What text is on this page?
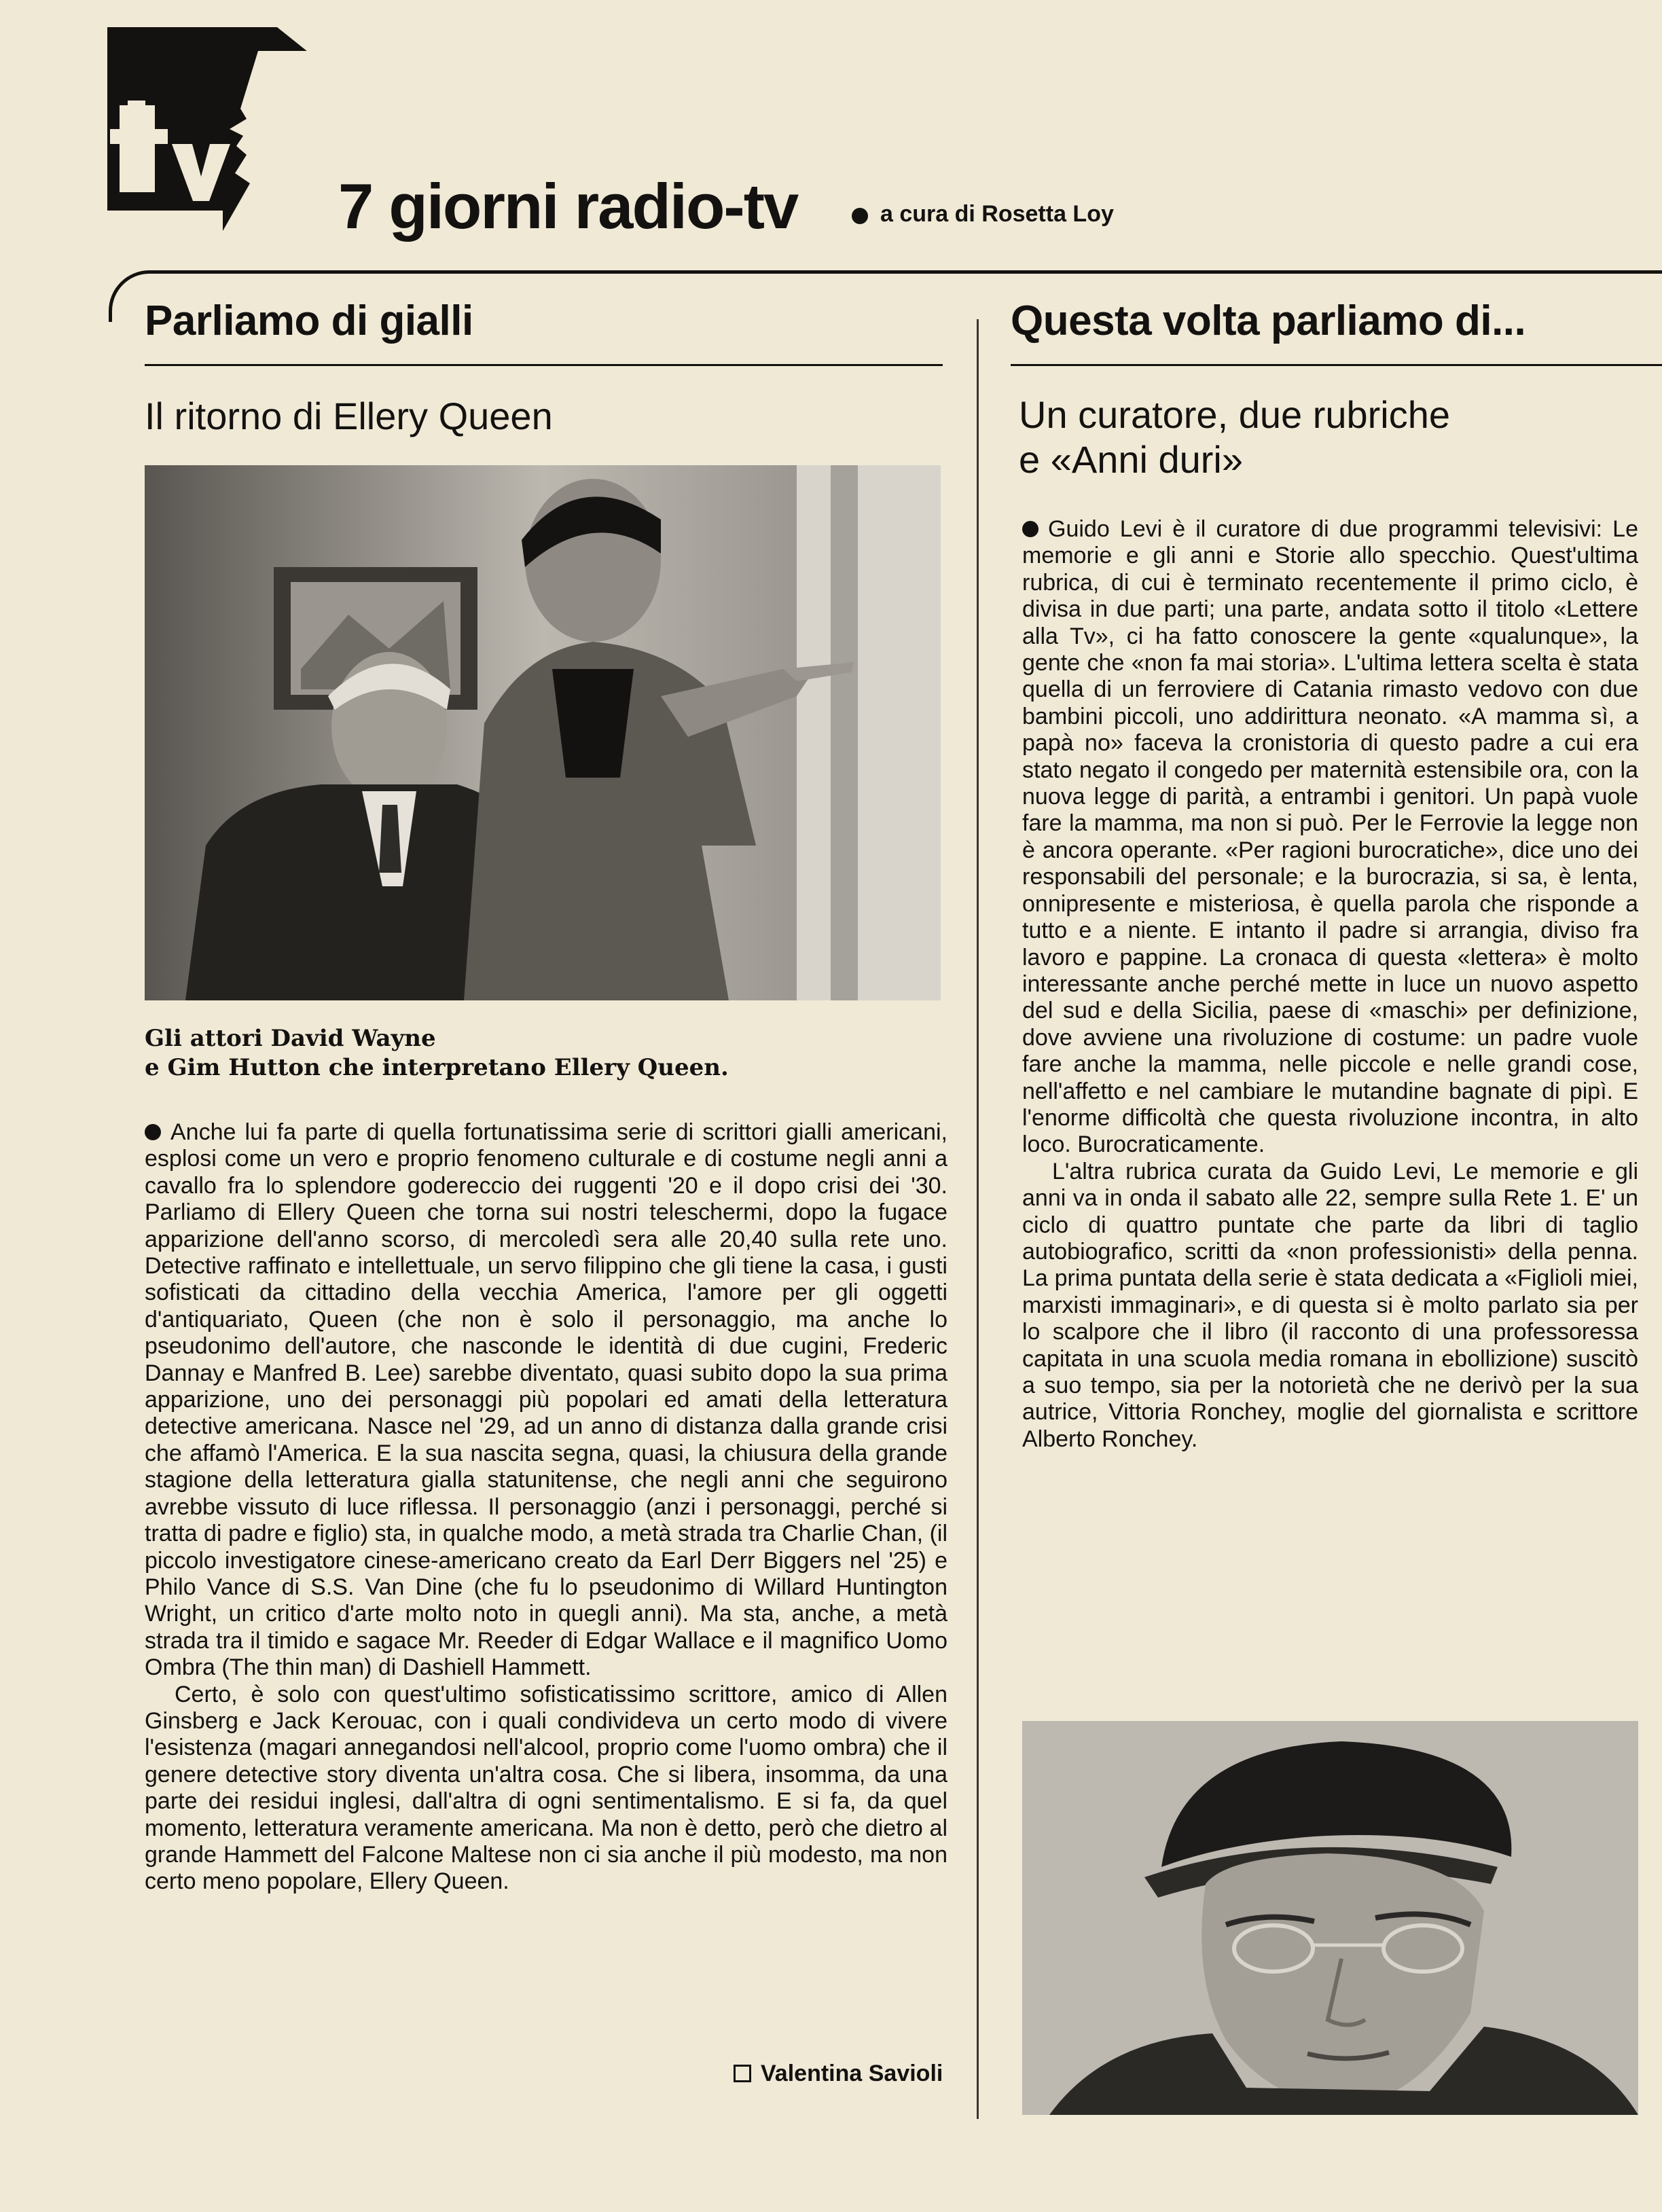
7 giorni radio-tv	a cura di Rosetta Loy
Parliamo di gialli
Il ritorno di Ellery Queen
Gli attori David Wayne
e Gim Hutton che interpretano Ellery Queen.

Anche lui fa parte di quella fortunatissima serie di scrittori gialli americani, esplosi come un vero e proprio fenomeno culturale e di costume negli anni a cavallo fra lo splendore godereccio dei ruggenti '20 e il dopo crisi dei '30. Parliamo di Ellery Queen che torna sui nostri teleschermi, dopo la fugace apparizione dell'anno scorso, di mercoledì sera alle 20,40 sulla rete uno. Detective raffinato e intellettuale, un servo filippino che gli tiene la casa, i gusti sofisticati da cittadino della vecchia America, l'amore per gli oggetti d'antiquariato, Queen (che non è solo il personaggio, ma anche lo pseudonimo dell'autore, che nasconde le identità di due cugini, Frederic Dannay e Manfred B. Lee) sarebbe diventato, quasi subito dopo la sua prima apparizione, uno dei personaggi più popolari ed amati della letteratura detective americana. Nasce nel '29, ad un anno di distanza dalla grande crisi che affamò l'America. E la sua nascita segna, quasi, la chiusura della grande stagione della letteratura gialla statunitense, che negli anni che seguirono avrebbe vissuto di luce riflessa. Il personaggio (anzi i personaggi, perché si tratta di padre e figlio) sta, in qualche modo, a metà strada tra Charlie Chan, (il piccolo investigatore cinese-americano creato da Earl Derr Biggers nel '25) e Philo Vance di S.S. Van Dine (che fu lo pseudonimo di Willard Huntington Wright, un critico d'arte molto noto in quegli anni). Ma sta, anche, a metà strada tra il timido e sagace Mr. Reeder di Edgar Wallace e il magnifico Uomo Ombra (The thin man) di Dashiell Hammett.

Certo, è solo con quest'ultimo sofisticatissimo scrittore, amico di Allen Ginsberg e Jack Kerouac, con i quali condivideva un certo modo di vivere l'esistenza (magari annegandosi nell'alcool, proprio come l'uomo ombra) che il genere detective story diventa un'altra cosa. Che si libera, insomma, da una parte dei residui inglesi, dall'altra di ogni sentimentalismo. E si fa, da quel momento, letteratura veramente americana. Ma non è detto, però che dietro al grande Hammett del Falcone Maltese non ci sia anche il più modesto, ma non certo meno popolare, Ellery Queen.

Valentina Savioli
Questa volta parliamo di...
Un curatore, due rubriche
e «Anni duri»

Guido Levi è il curatore di due programmi televisivi: Le memorie e gli anni e Storie allo specchio. Quest'ultima rubrica, di cui è terminato recentemente il primo ciclo, è divisa in due parti; una parte, andata sotto il titolo «Lettere alla Tv», ci ha fatto conoscere la gente «qualunque», la gente che «non fa mai storia». L'ultima lettera scelta è stata quella di un ferroviere di Catania rimasto vedovo con due bambini piccoli, uno addirittura neonato. «A mamma sì, a papà no» faceva la cronistoria di questo padre a cui era stato negato il congedo per maternità estensibile ora, con la nuova legge di parità, a entrambi i genitori. Un papà vuole fare la mamma, ma non si può. Per le Ferrovie la legge non è ancora operante. «Per ragioni burocratiche», dice uno dei responsabili del personale; e la burocrazia, si sa, è lenta, onnipresente e misteriosa, è quella parola che risponde a tutto e a niente. E intanto il padre si arrangia, diviso fra lavoro e pappine. La cronaca di questa «lettera» è molto interessante anche perché mette in luce un nuovo aspetto del sud e della Sicilia, paese di «maschi» per definizione, dove avviene una rivoluzione di costume: un padre vuole fare anche la mamma, nelle piccole e nelle grandi cose, nell'affetto e nel cambiare le mutandine bagnate di pipì. E l'enorme difficoltà che questa rivoluzione incontra, in alto loco. Burocraticamente.

L'altra rubrica curata da Guido Levi, Le memorie e gli anni va in onda il sabato alle 22, sempre sulla Rete 1. E' un ciclo di quattro puntate che parte da libri di taglio autobiografico, scritti da «non professionisti» della penna. La prima puntata della serie è stata dedicata a «Figlioli miei, marxisti immaginari», e di questa si è molto parlato sia per lo scalpore che il libro (il racconto di una professoressa capitata in una scuola media romana in ebollizione) suscitò a suo tempo, sia per la notorietà che ne derivò per la sua autrice, Vittoria Ronchey, moglie del giornalista e scrittore Alberto Ronchey.
